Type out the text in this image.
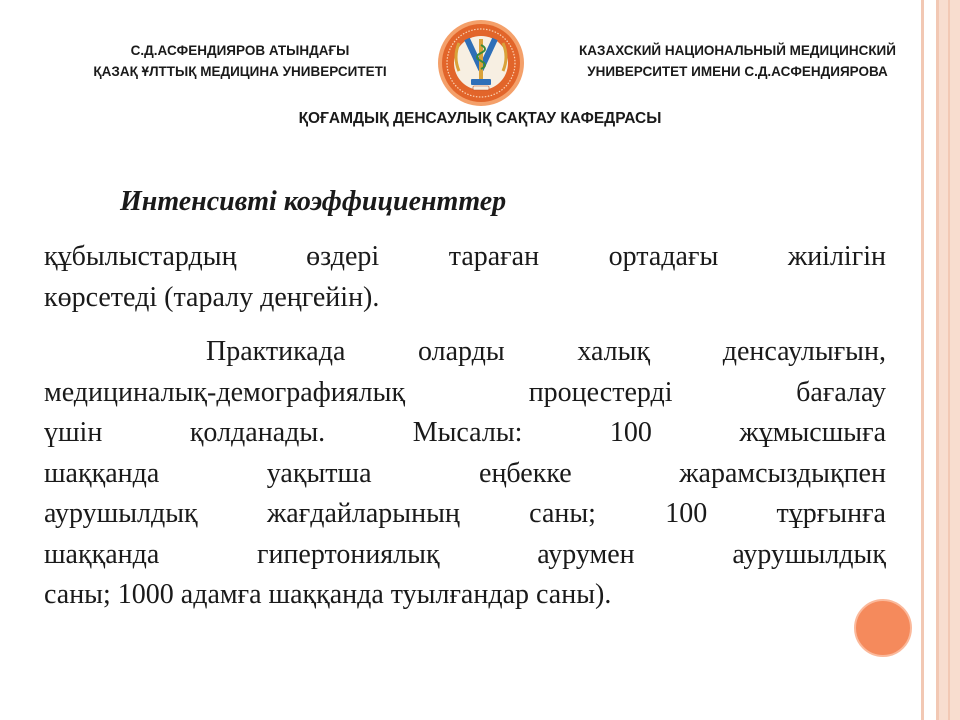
С.Д.АСФЕНДИЯРОВ АТЫНДАҒЫ
ҚАЗАҚ ҰЛТТЫҚ МЕДИЦИНА УНИВЕРСИТЕТІ
КАЗАХСКИЙ НАЦИОНАЛЬНЫЙ МЕДИЦИНСКИЙ
УНИВЕРСИТЕТ ИМЕНИ С.Д.АСФЕНДИЯРОВА
ҚОҒАМДЫҚ ДЕНСАУЛЫҚ САҚТАУ КАФЕДРАСЫ
Интенсивті коэффициенттер
құбылыстардың өздері тараған ортадағы жиілігін
көрсетеді (таралу деңгейін).
Практикада	оларды	халық	денсаулығын,
медициналық-демографиялық	процестерді	бағалау
үшін	қолданады.	Мысалы:	100	жұмысшыға
шаққанда	уақытша	еңбекке	жарамсыздықпен
аурушылдық жағдайларының саны; 100 тұрғынға
шаққанда	гипертониялық	аурумен	аурушылдық
саны; 1000 адамға шаққанда туылғандар саны).
